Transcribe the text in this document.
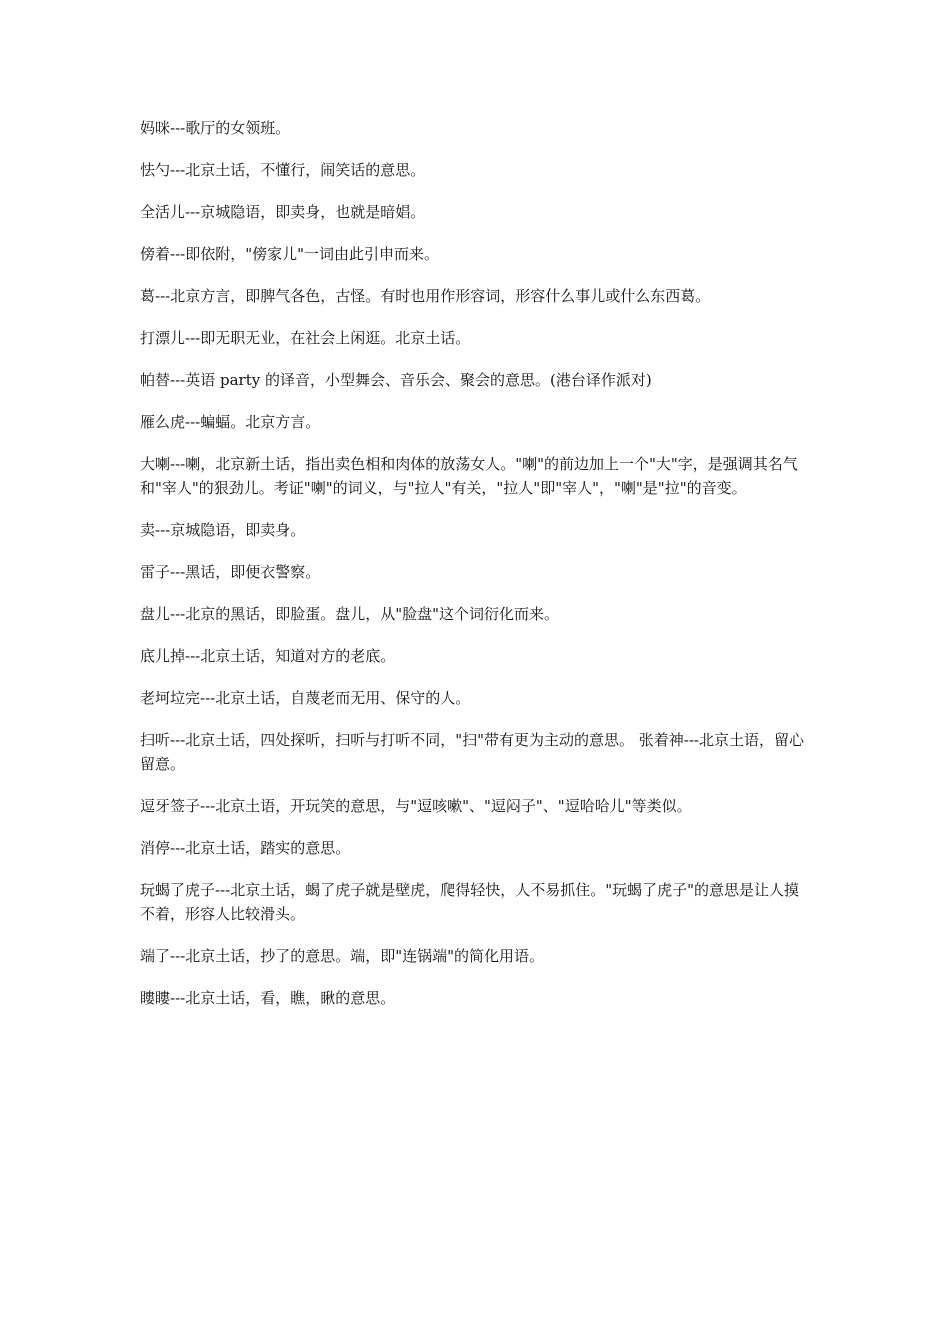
妈咪---歌厅的女领班。

怯勺---北京土话，不懂行，闹笑话的意思。

全活儿---京城隐语，即卖身，也就是暗娼。

傍着---即依附，"傍家儿"一词由此引申而来。

葛---北京方言，即脾气各色，古怪。有时也用作形容词，形容什么事儿或什么东西葛。

打漂儿---即无职无业，在社会上闲逛。北京土话。

帕替---英语 party 的译音，小型舞会、音乐会、聚会的意思。(港台译作派对)

雁么虎---蝙蝠。北京方言。

大喇---喇，北京新土话，指出卖色相和肉体的放荡女人。"喇"的前边加上一个"大"字，是强调其名气和"宰人"的狠劲儿。考证"喇"的词义，与"拉人"有关，"拉人"即"宰人"，"喇"是"拉"的音变。

卖---京城隐语，即卖身。

雷子---黑话，即便衣警察。

盘儿---北京的黑话，即脸蛋。盘儿，从"脸盘"这个词衍化而来。

底儿掉---北京土话，知道对方的老底。

老坷垃完---北京土话，自蔑老而无用、保守的人。

扫听---北京土话，四处探听，扫听与打听不同，"扫"带有更为主动的意思。 张着神---北京土语，留心留意。

逗牙签子---北京土语，开玩笑的意思，与"逗咳嗽"、"逗闷子"、"逗哈哈儿"等类似。

消停---北京土话，踏实的意思。

玩蝎了虎子---北京土话，蝎了虎子就是壁虎，爬得轻快，人不易抓住。"玩蝎了虎子"的意思是让人摸不着，形容人比较滑头。

端了---北京土话，抄了的意思。端，即"连锅端"的简化用语。

瞜瞜---北京土话，看，瞧，瞅的意思。
